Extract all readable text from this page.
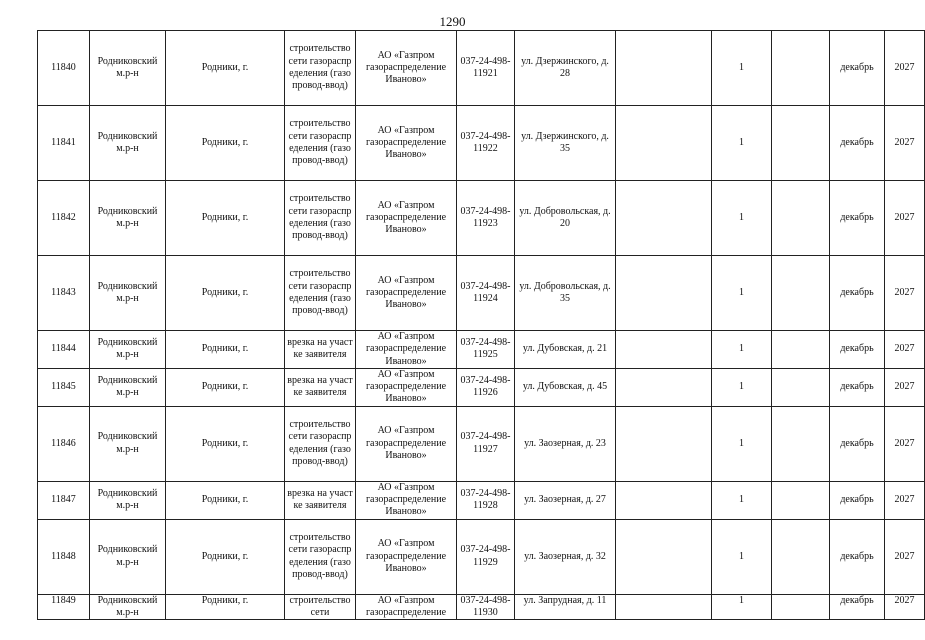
1290
11840	Родниковский м.р-н	Родники, г.	строительство сети газораспределения (газопровод-ввод)	АО «Газпром газораспределение Иваново»	037-24-498-11921	ул. Дзержинского, д. 28		1		декабрь	2027

11841	Родниковский м.р-н	Родники, г.	строительство сети газораспределения (газопровод-ввод)	АО «Газпром газораспределение Иваново»	037-24-498-11922	ул. Дзержинского, д. 35		1		декабрь	2027

11842	Родниковский м.р-н	Родники, г.	строительство сети газораспределения (газопровод-ввод)	АО «Газпром газораспределение Иваново»	037-24-498-11923	ул. Добровольская, д. 20		1		декабрь	2027

11843	Родниковский м.р-н	Родники, г.	строительство сети газораспределения (газопровод-ввод)	АО «Газпром газораспределение Иваново»	037-24-498-11924	ул. Добровольская, д. 35		1		декабрь	2027

11844	Родниковский м.р-н	Родники, г.	врезка на участке заявителя	АО «Газпром газораспределение Иваново»	037-24-498-11925	ул. Дубовская, д. 21		1		декабрь	2027

11845	Родниковский м.р-н	Родники, г.	врезка на участке заявителя	АО «Газпром газораспределение Иваново»	037-24-498-11926	ул. Дубовская, д. 45		1		декабрь	2027

11846	Родниковский м.р-н	Родники, г.	строительство сети газораспределения (газопровод-ввод)	АО «Газпром газораспределение Иваново»	037-24-498-11927	ул. Заозерная, д. 23		1		декабрь	2027

11847	Родниковский м.р-н	Родники, г.	врезка на участке заявителя	АО «Газпром газораспределение Иваново»	037-24-498-11928	ул. Заозерная, д. 27		1		декабрь	2027

11848	Родниковский м.р-н	Родники, г.	строительство сети газораспределения (газопровод-ввод)	АО «Газпром газораспределение Иваново»	037-24-498-11929	ул. Заозерная, д. 32		1		декабрь	2027

11849	Родниковский м.р-н	Родники, г.	строительство сети	АО «Газпром газораспределение	037-24-498-11930	ул. Запрудная, д. 11		1		декабрь	2027
